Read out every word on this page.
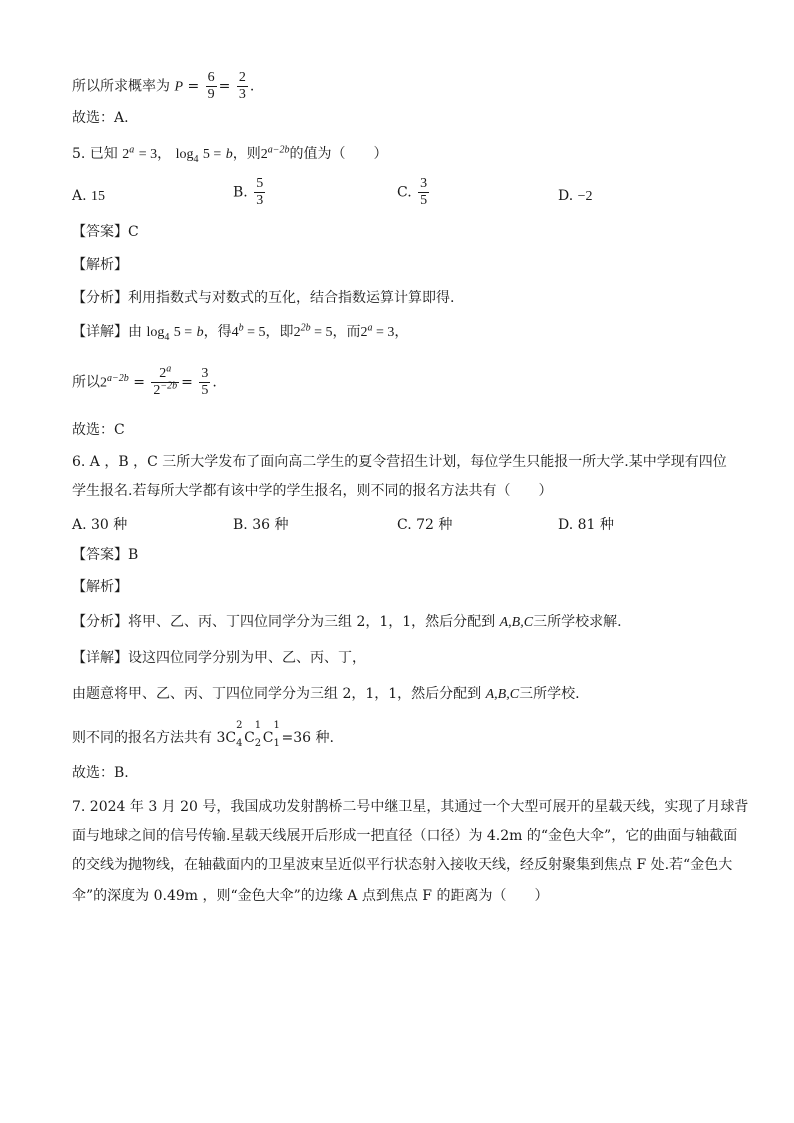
所以所求概率为 $P = \frac{6}{9} = \frac{2}{3}$ .
故选：A.
5. 已知 $2^a = 3$， $\log_4 5 = b$，则$2^{a-2b}$的值为（　　）
A. 15	B. $\frac{5}{3}$	C. $\frac{3}{5}$	D. −2
【答案】C
【解析】
【分析】利用指数式与对数式的互化，结合指数运算计算即得.
【详解】由 $\log_4 5 = b$，得$4^b = 5$，即$2^{2b} = 5$，而$2^a = 3$，
所以$2^{a-2b} = \frac{2^a}{2^{-2b}} = \frac{3}{5}$ .
故选：C
6. A ，B ，C 三所大学发布了面向高二学生的夏令营招生计划，每位学生只能报一所大学.某中学现有四位
学生报名.若每所大学都有该中学的学生报名，则不同的报名方法共有（　　）
A. 30 种	B. 36 种	C. 72 种	D. 81 种
【答案】B
【解析】
【分析】将甲、乙、丙、丁四位同学分为三组 2，1，1，然后分配到 A,B,C三所学校求解.
【详解】设这四位同学分别为甲、乙、丙、丁，
由题意将甲、乙、丙、丁四位同学分为三组 2，1，1，然后分配到 A,B,C三所学校.
则不同的报名方法共有 3C
2
4 C
1
2 C
1
1 =36 种.
故选：B.
7. 2024 年 3 月 20 号，我国成功发射鹊桥二号中继卫星，其通过一个大型可展开的星载天线，实现了月球背
面与地球之间的信号传输.星载天线展开后形成一把直径（口径）为 4.2m 的“金色大伞”，它的曲面与轴截面
的交线为抛物线，在轴截面内的卫星波束呈近似平行状态射入接收天线，经反射聚集到焦点 F 处.若“金色大
伞”的深度为 0.49m ，则“金色大伞”的边缘 A 点到焦点 F 的距离为（　　）
